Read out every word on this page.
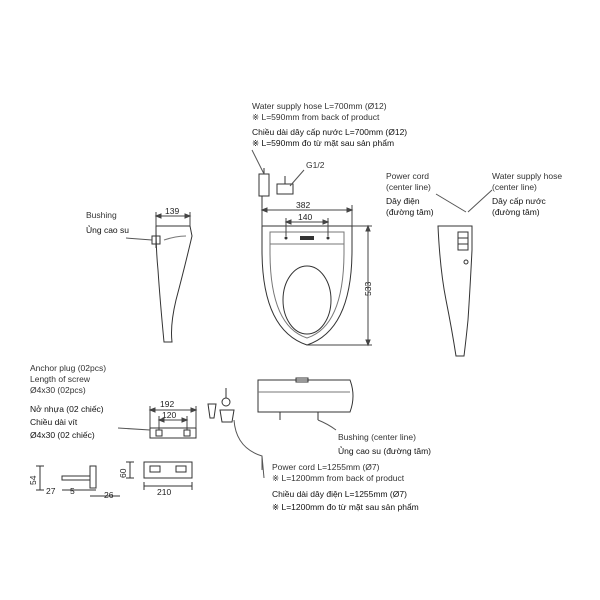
Water supply hose L=700mm (Ø12)
※ L=590mm from back of product
Chiều dài dây cấp nước L=700mm (Ø12)
※ L=590mm đo từ mặt sau sản phẩm
G1/2
382
140
533
Bushing
Ủng cao su
139
Power cord
(center line)
Dây điện
(đường tâm)
Water supply hose
(center line)
Dây cấp nước
(đường tâm)
Anchor plug (02pcs)
Length of screw
Ø4x30 (02pcs)
Nở nhựa (02 chiếc)
Chiều dài vít
Ø4x30 (02 chiếc)
192
120
54
27 5	26
60
210
Bushing (center line)
Ủng cao su (đường tâm)
Power cord L=1255mm (Ø7)
※ L=1200mm from back of product
Chiều dài dây điện L=1255mm (Ø7)
※ L=1200mm đo từ mặt sau sản phẩm
